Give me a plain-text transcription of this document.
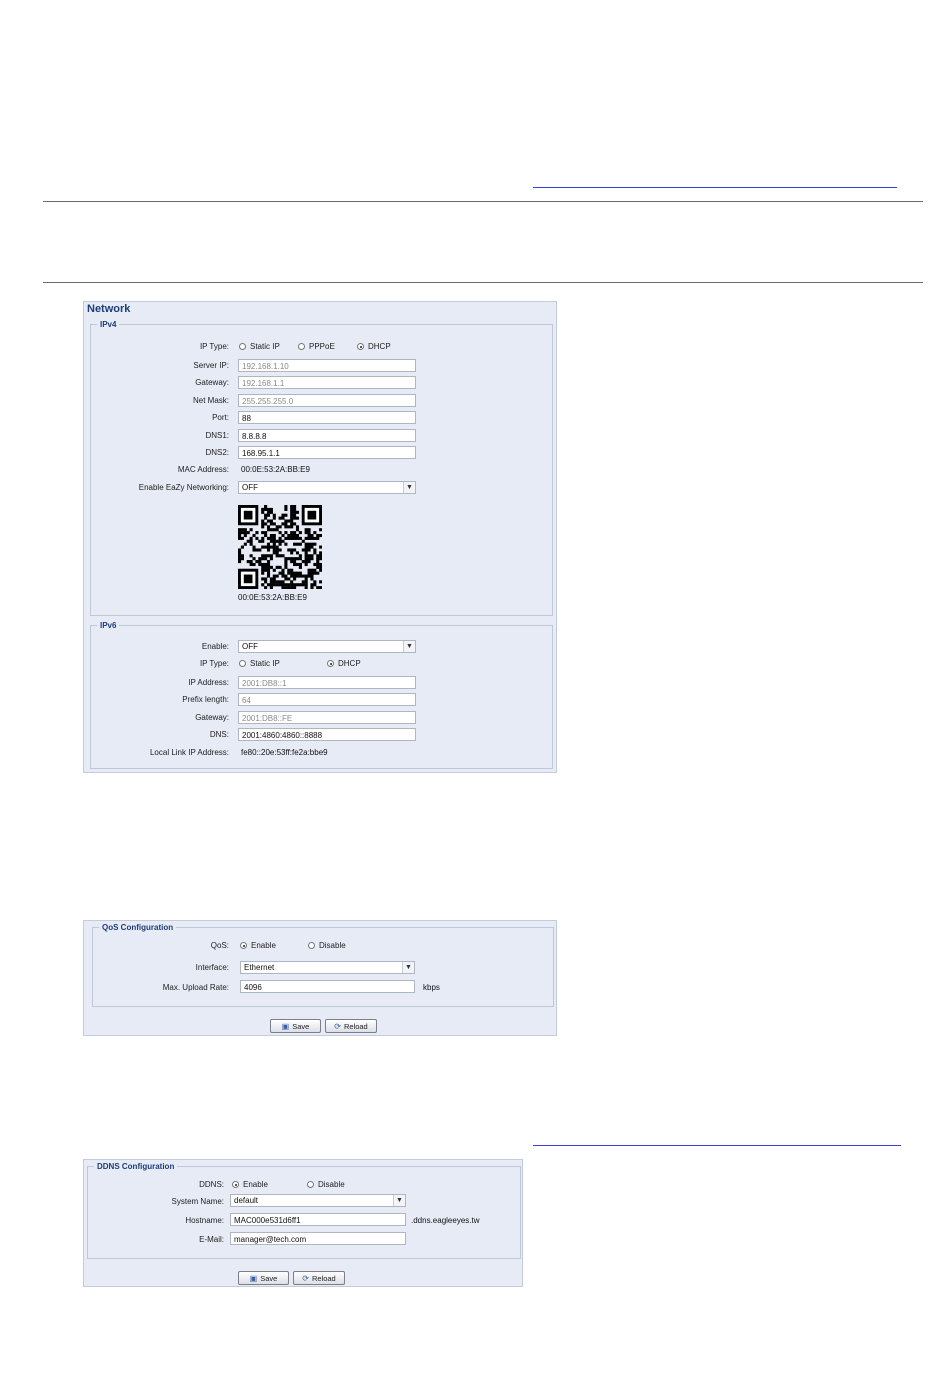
Network
IPv4
IP Type:	Static IP	PPPoE	DHCP
Server IP:	192.168.1.10
Gateway:	192.168.1.1
Net Mask:	255.255.255.0
Port:	88
DNS1:	8.8.8.8
DNS2:	168.95.1.1
MAC Address: 00:0E:53:2A:BB:E9
Enable EaZy Networking:	OFF	▼
00:0E:53:2A:BB:E9
IPv6
Enable:	OFF	▼
IP Type:	Static IP	DHCP
IP Address:	2001:DB8::1
Prefix length:	64
Gateway:	2001:DB8::FE
DNS:	2001:4860:4860::8888
Local Link IP Address: fe80::20e:53ff:fe2a:bbe9
QoS Configuration
QoS:	Enable	Disable
Interface:	Ethernet	▼
Max. Upload Rate:	4096	kbps
▣ Save	⟳ Reload
DDNS Configuration
DDNS: Enable	Disable
System Name:	default	▼
Hostname:	MAC000e531d6ff1	.ddns.eagleeyes.tw
E-Mail:	manager@tech.com
▣ Save	⟳ Reload
